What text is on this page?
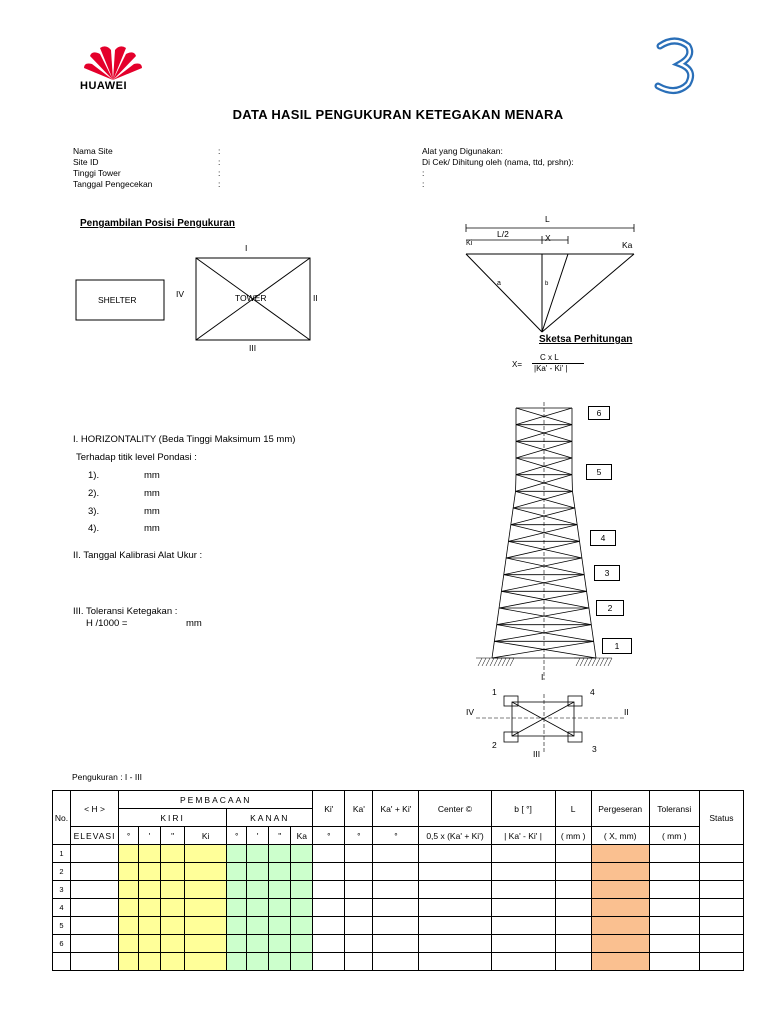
HUAWEI
DATA HASIL PENGUKURAN KETEGAKAN MENARA
Nama Site	:
Site ID	:
Tinggi Tower	:
Tanggal Pengecekan	:
Alat yang Digunakan:
Di Cek/ Dihitung oleh (nama, ttd, prshn):
:
:
Pengambilan Posisi Pengukuran
SHELTER	TOWER
I
II
III
IV
L
L/2	X
Ki	Ka
a	b
Sketsa Perhitungan
X=
C x L
|Ka' - Ki' |
I. HORIZONTALITY (Beda Tinggi Maksimum 15 mm)
Terhadap titik level Pondasi :
1).	mm
2).	mm
3).	mm
4).	mm
II. Tanggal Kalibrasi Alat Ukur :
III. Toleransi Ketegakan :
H /1000 =	mm
6
5
4
3
2
1
I
1	4
2	3
IV	II
III
Pengukuran : I - III
No.	< H >	PEMBACAAN								Ki'	Ka'	Ka' + Ki'	Center ©	b [ °]	L	Pergeseran	Toleransi	Status
		KIRI				KANAN												
	ELEVASI	°	'	"	Ki	°	'	"	Ka	°	°	°	0,5 x (Ka' + Ki')	| Ka' - Ki' |	( mm )	( X, mm)	( mm )	
1																		
2																		
3																		
4																		
5																		
6																		
